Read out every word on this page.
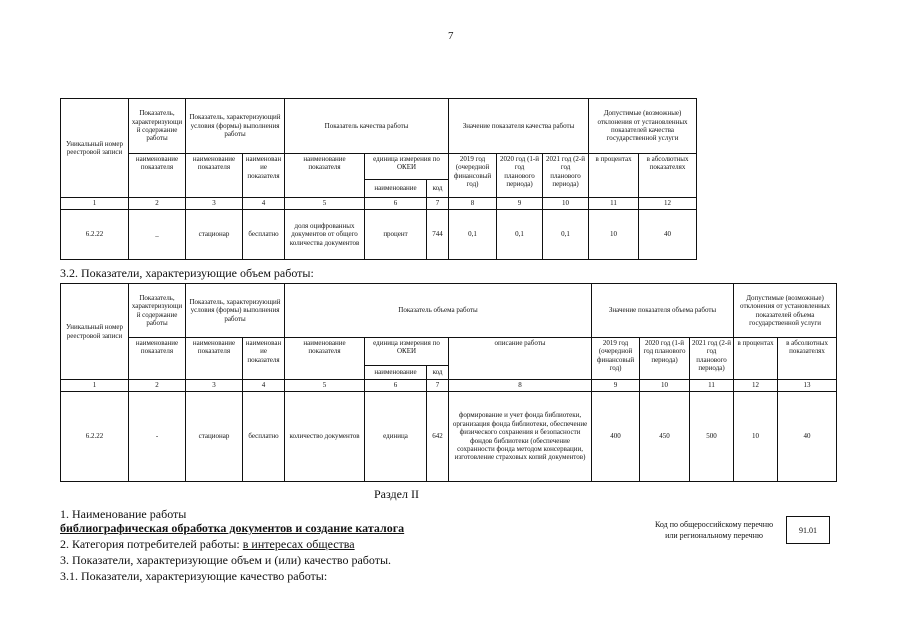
7
Уникальный номер реестровой записи	Показатель, характеризующий содержание работы	Показатель, характеризующий условия (формы) выполнения работы		Показатель качества работы			Значение показателя качества работы			Допустимые (возможные) отклонения от установленных показателей качества государственной услуги	
	наименование показателя	наименование показателя	наименование показателя	наименование показателя	единица измерения по ОКЕИ		2019 год (очередной финансовый год)	2020 год (1-й год планового периода)	2021 год (2-й год планового периода)	в процентах	в абсолютных показателях
					наименование	код					
1	2	3	4	5	6	7	8	9	10	11	12
6.2.22	_	стационар	бесплатно	доля оцифрованных документов от общего количества документов	процент	744	0,1	0,1	0,1	10	40
3.2. Показатели, характеризующие объем работы:
Уникальный номер реестровой записи	Показатель, характеризующий содержание работы	Показатель, характеризующий условия (формы) выполнения работы		Показатель объема работы				Значение показателя объема работы			Допустимые (возможные) отклонения от установленных показателей объема государственной услуги	
	наименование показателя	наименование показателя	наименование показателя	наименование показателя	единица измерения по ОКЕИ		описание работы	2019 год (очередной финансовый год)	2020 год (1-й год планового периода)	2021 год (2-й год планового периода)	в процентах	в абсолютных показателях
					наименование	код						
1	2	3	4	5	6	7	8	9	10	11	12	13
6.2.22	-	стационар	бесплатно	количество документов	единица	642	формирование и учет фонда библиотеки, организация фонда библиотеки, обеспечение физического сохранения и безопасности фондов библиотеки (обеспечение сохранности фонда методом консервации, изготовление страховых копий документов)	400	450	500	10	40
Раздел II
1. Наименование работы
библиографическая обработка документов и создание каталога
2. Категория потребителей работы: в интересах общества
3. Показатели, характеризующие объем и (или) качество работы.
3.1. Показатели, характеризующие качество работы:
Код по общероссийскому перечню или региональному перечню
91.01
